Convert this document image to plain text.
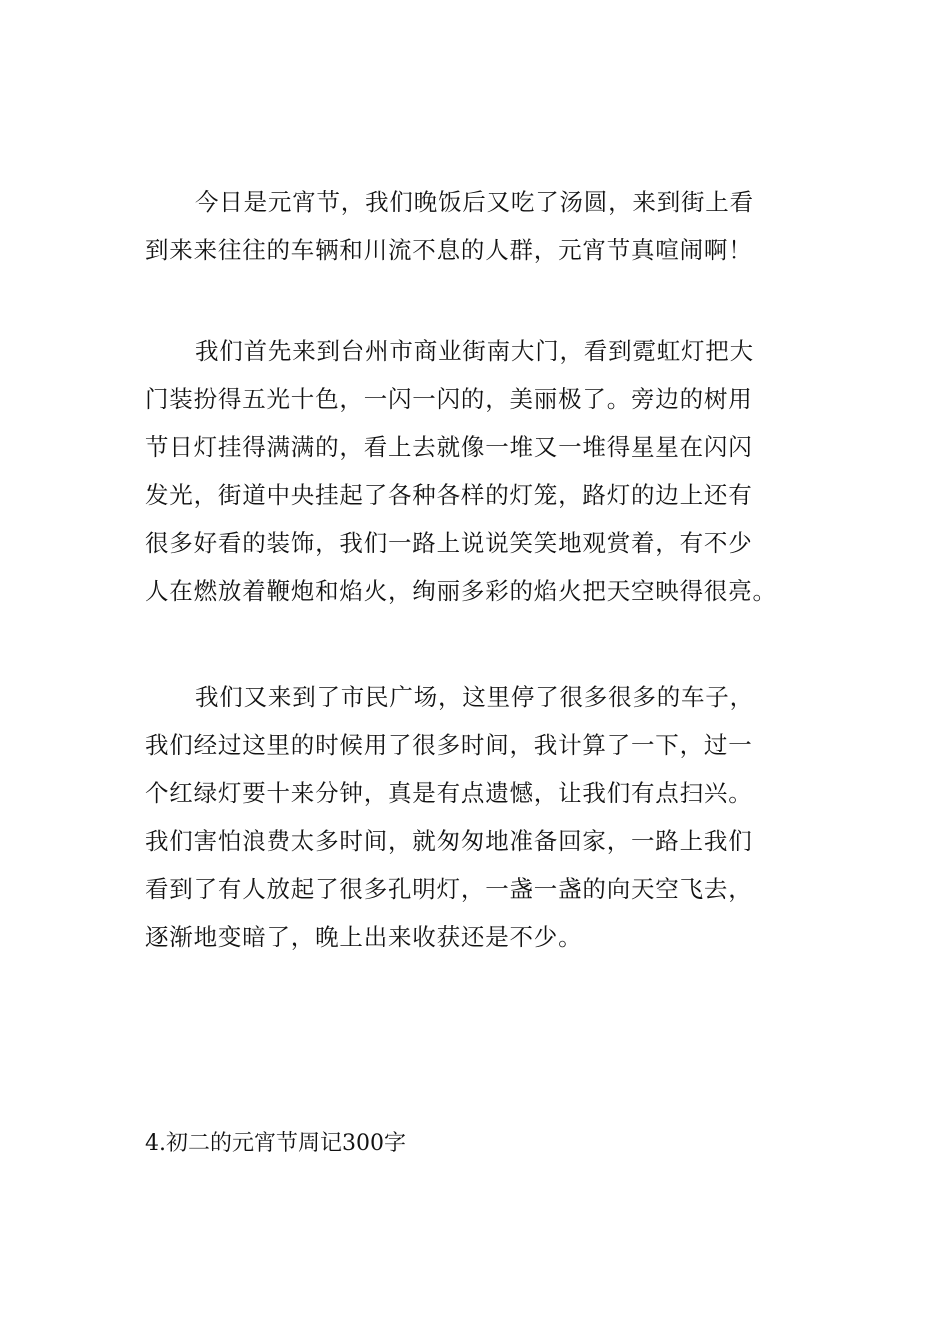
今日是元宵节，我们晚饭后又吃了汤圆，来到街上看
到来来往往的车辆和川流不息的人群，元宵节真喧闹啊！
我们首先来到台州市商业街南大门，看到霓虹灯把大
门装扮得五光十色，一闪一闪的，美丽极了。旁边的树用
节日灯挂得满满的，看上去就像一堆又一堆得星星在闪闪
发光，街道中央挂起了各种各样的灯笼，路灯的边上还有
很多好看的装饰，我们一路上说说笑笑地观赏着，有不少
人在燃放着鞭炮和焰火，绚丽多彩的焰火把天空映得很亮。
我们又来到了市民广场，这里停了很多很多的车子，
我们经过这里的时候用了很多时间，我计算了一下，过一
个红绿灯要十来分钟，真是有点遗憾，让我们有点扫兴。
我们害怕浪费太多时间，就匆匆地准备回家，一路上我们
看到了有人放起了很多孔明灯，一盏一盏的向天空飞去，
逐渐地变暗了，晚上出来收获还是不少。
4.初二的元宵节周记300字
